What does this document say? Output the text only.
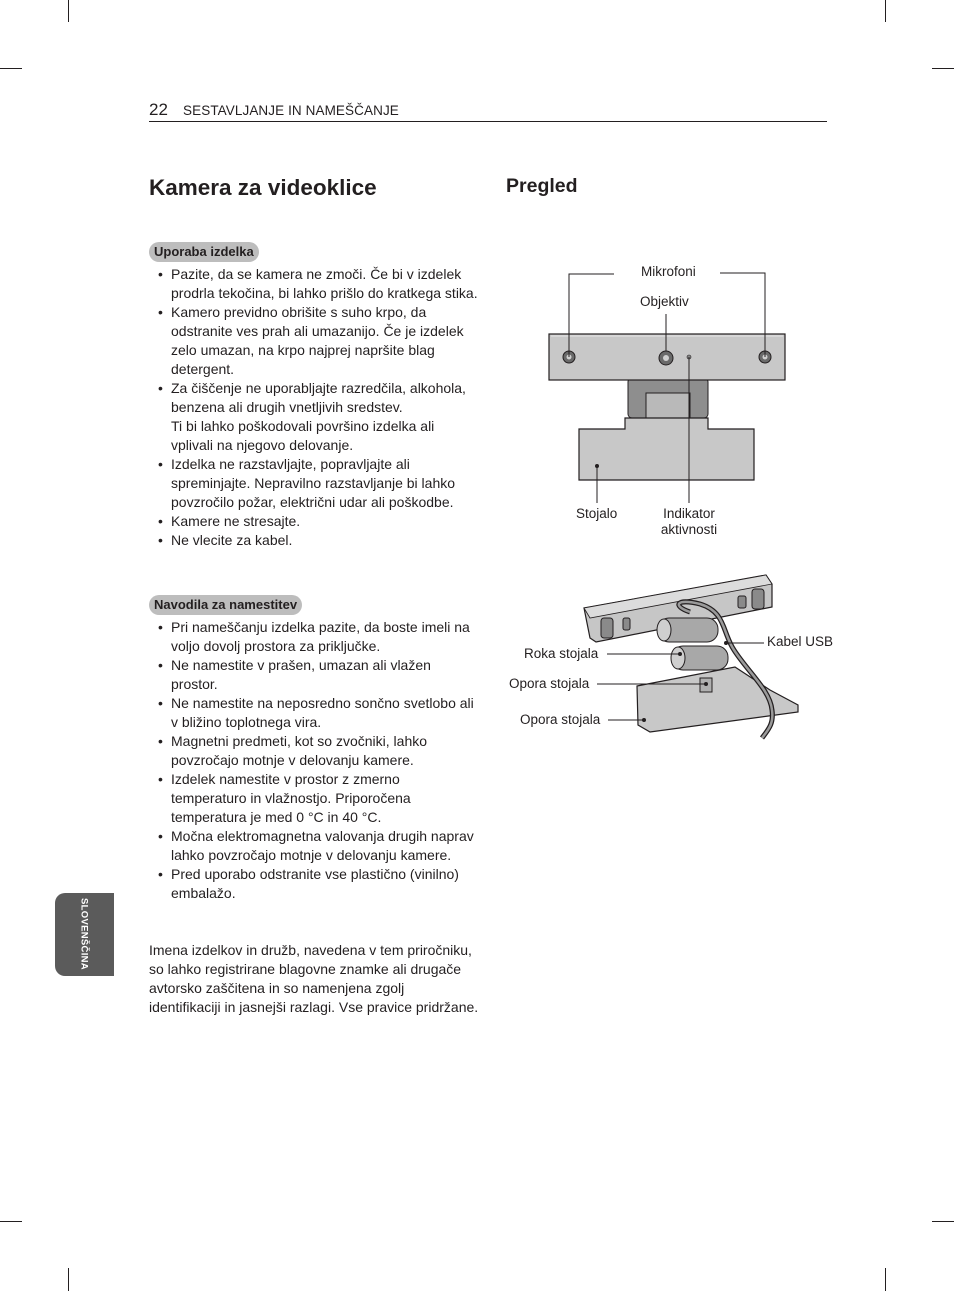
22 SESTAVLJANJE IN NAMEŠČANJE
Kamera za videoklice
Uporaba izdelka
• Pazite, da se kamera ne zmoči. Če bi v izdelek prodrla tekočina, bi lahko prišlo do kratkega stika.
• Kamero previdno obrišite s suho krpo, da odstranite ves prah ali umazanijo. Če je izdelek zelo umazan, na krpo najprej napršite blag detergent.
• Za čiščenje ne uporabljajte razredčila, alkohola, benzena ali drugih vnetljivih sredstev.
Ti bi lahko poškodovali površino izdelka ali vplivali na njegovo delovanje.
• Izdelka ne razstavljajte, popravljajte ali spreminjajte. Nepravilno razstavljanje bi lahko povzročilo požar, električni udar ali poškodbe.
• Kamere ne stresajte.
• Ne vlecite za kabel.
Navodila za namestitev
• Pri nameščanju izdelka pazite, da boste imeli na voljo dovolj prostora za priključke.
• Ne namestite v prašen, umazan ali vlažen prostor.
• Ne namestite na neposredno sončno svetlobo ali v bližino toplotnega vira.
• Magnetni predmeti, kot so zvočniki, lahko povzročajo motnje v delovanju kamere.
• Izdelek namestite v prostor z zmerno temperaturo in vlažnostjo. Priporočena temperatura je med 0 °C in 40 °C.
• Močna elektromagnetna valovanja drugih naprav lahko povzročajo motnje v delovanju kamere.
• Pred uporabo odstranite vse plastično (vinilno) embalažo.
Imena izdelkov in družb, navedena v tem priročniku, so lahko registrirane blagovne znamke ali drugače avtorsko zaščitena in so namenjena zgolj identifikaciji in jasnejši razlagi. Vse pravice pridržane.
SLOVENŠČINA
Pregled
Mikrofoni
Objektiv
Stojalo	Indikator
aktivnosti
Kabel USB
Roka stojala
Opora stojala
Opora stojala
